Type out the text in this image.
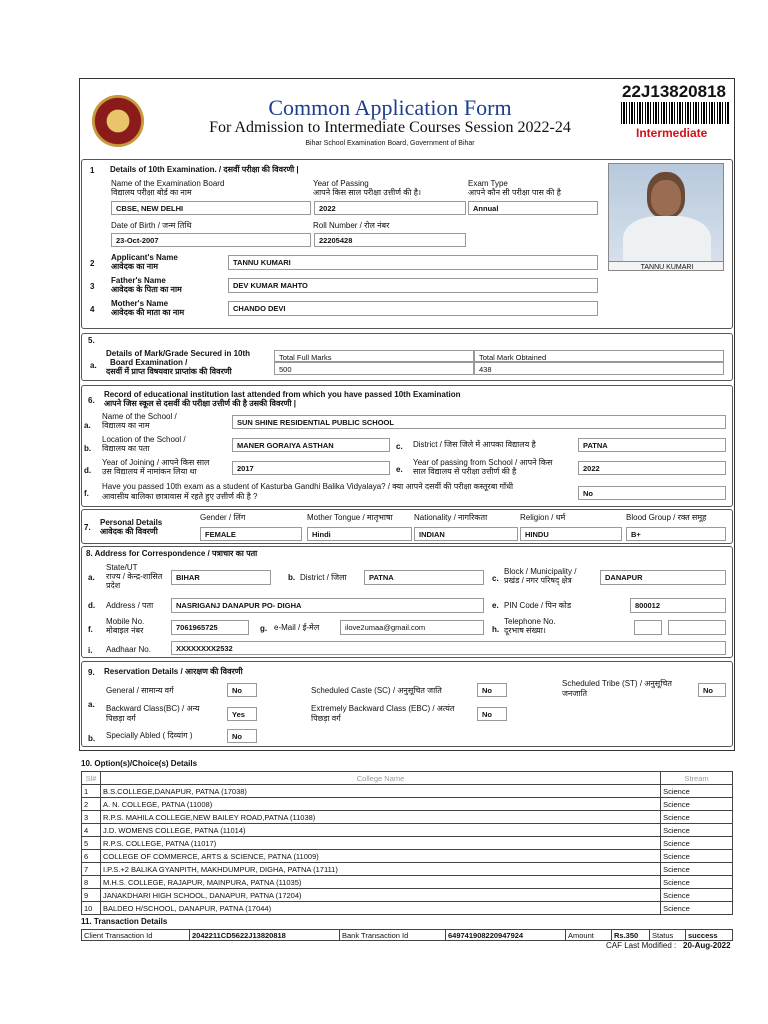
Common Application Form
For Admission to Intermediate Courses Session 2022-24
Bihar School Examination Board, Government of Bihar
22J13820818
Intermediate
1 Details of 10th Examination. / दसवीं परीक्षा की विवरणी |
Name of the Examination Board
विद्यालय परीक्षा बोर्ड का नाम
CBSE, NEW DELHI
Year of Passing
आपने किस साल परीक्षा उत्तीर्ण की है।
2022
Exam Type
आपने कौन सी परीक्षा पास की है
Annual
Date of Birth / जन्म तिथि
23-Oct-2007
Roll Number / रोल नंबर
22205428
TANNU KUMARI
2
Applicant's Name
आवेदक का नाम	TANNU KUMARI
3
Father's Name
आवेदक के पिता का नाम	DEV KUMAR MAHTO
4
Mother's Name
आवेदक की माता का नाम	CHANDO DEVI
5.
a.
Details of Mark/Grade Secured in 10th
Board Examination /
दसवीं में प्राप्त विषयवार प्राप्तांक की विवरणी
Total Full Marks	Total Mark Obtained
500	438
6.
Record of educational institution last attended from which you have passed 10th Examination
आपने जिस स्कूल से दसवीं की परीक्षा उत्तीर्ण की है उसकी विवरणी |
a.
Name of the School /
विद्यालय का नाम	SUN SHINE RESIDENTIAL PUBLIC SCHOOL
b.
Location of the School /
विद्यालय का पता	MANER GORAIYA ASTHAN	c. District / जिस जिले में आपका विद्यालय है	PATNA
d.
Year of Joining / आपने किस साल
उस विद्यालय में नामांकन लिया था	2017	e.
Year of passing from School / आपने किस
साल विद्यालय से परीक्षा उत्तीर्ण की है	2022
f.
Have you passed 10th exam as a student of Kasturba Gandhi Balika Vidyalaya? / क्या आपने दसवीं की परीक्षा कस्तूरबा गाँधी
आवासीय बालिका छात्रावास में रहते हुए उत्तीर्ण की है ?	No
7.
Personal Details
आवेदक की विवरणी
Gender / लिंग
FEMALE
Mother Tongue / मातृभाषा
Hindi
Nationality / नागरिकता
INDIAN
Religion / धर्म
HINDU
Blood Group / रक्त समूह
B+
8. Address for Correspondence / पत्राचार का पता
a.
State/UT
राज्य / केन्द्र-शासित
प्रदेश
BIHAR	b. District / जिला	PATNA	c.
Block / Municipality /
प्रखंड / नगर परिषद् क्षेत्र	DANAPUR
d. Address / पता	NASRIGANJ DANAPUR PO- DIGHA	e. PIN Code / पिन कोड	800012
f.
Mobile No.
मोबाइल नंबर	7061965725	g. e-Mail / ई-मेल	ilove2umaa@gmail.com	h.
Telephone No.
दूरभाष संख्या।
i. Aadhaar No.	XXXXXXXX2532
9. Reservation Details / आरक्षण की विवरणी
a.
General / सामान्य वर्ग	No	Scheduled Caste (SC) / अनुसूचित जाति	No
Scheduled Tribe (ST) / अनुसूचित
जनजाति	No
Backward Class(BC) / अन्य
पिछड़ा वर्ग	Yes
Extremely Backward Class (EBC) / अत्यंत
पिछड़ा वर्ग	No
b. Specially Abled ( दिव्यांग )	No
10. Option(s)/Choice(s) Details
Sl#	College Name	Stream
1	B.S.COLLEGE,DANAPUR, PATNA (17038)	Science
2	A. N. COLLEGE, PATNA (11008)	Science
3	R.P.S. MAHILA COLLEGE,NEW BAILEY ROAD,PATNA (11038)	Science
4	J.D. WOMENS COLLEGE, PATNA (11014)	Science
5	R.P.S. COLLEGE, PATNA (11017)	Science
6	COLLEGE OF COMMERCE, ARTS & SCIENCE, PATNA (11009)	Science
7	I.P.S.+2 BALIKA GYANPITH, MAKHDUMPUR, DIGHA, PATNA (17111)	Science
8	M.H.S. COLLEGE, RAJAPUR, MAINPURA, PATNA (11035)	Science
9	JANAKDHARI HIGH SCHOOL, DANAPUR, PATNA (17204)	Science
10	BALDEO H/SCHOOL, DANAPUR, PATNA (17044)	Science
11. Transaction Details
Client Transaction Id	2042211CD5622J13820818	Bank Transaction Id	649741908220947924	Amount	Rs.350	Status	success
CAF Last Modified : 20-Aug-2022
